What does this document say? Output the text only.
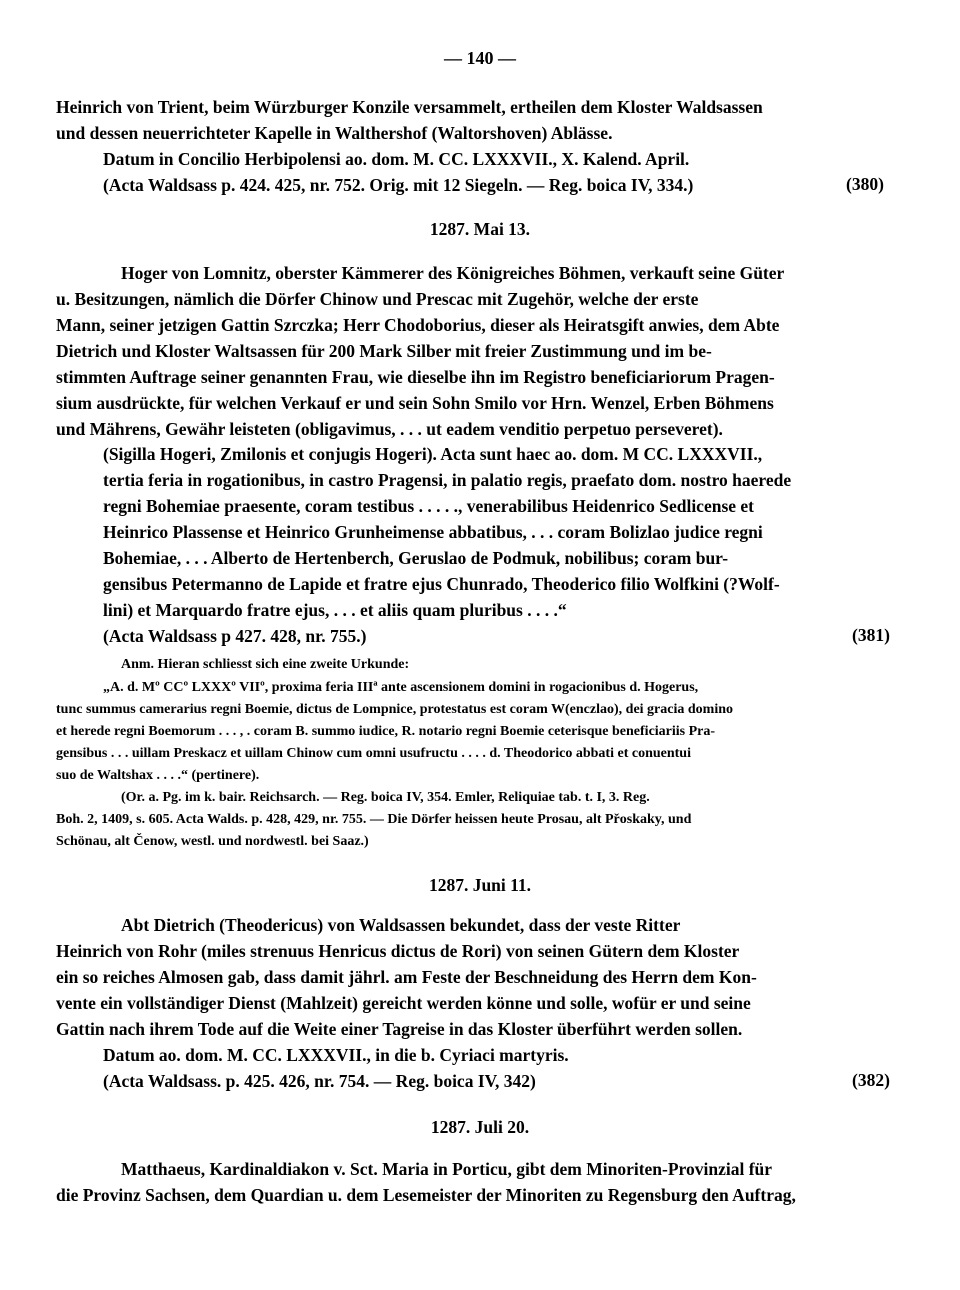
— 140 —
Heinrich von Trient, beim Würzburger Konzile versammelt, ertheilen dem Kloster Waldsassen
und dessen neuerrichteter Kapelle in Walthershof (Waltorshoven) Ablässe.
Datum in Concilio Herbipolensi ao. dom. M. CC. LXXXVII., X. Kalend. April.
(Acta Waldsass p. 424. 425, nr. 752. Orig. mit 12 Siegeln. — Reg. boica IV, 334.)	(380)
1287. Mai 13.
Hoger von Lomnitz, oberster Kämmerer des Königreiches Böhmen, verkauft seine Güter
u. Besitzungen, nämlich die Dörfer Chinow und Prescac mit Zugehör, welche der erste
Mann, seiner jetzigen Gattin Szrczka; Herr Chodoborius, dieser als Heiratsgift anwies, dem Abte
Dietrich und Kloster Waltsassen für 200 Mark Silber mit freier Zustimmung und im be-
stimmten Auftrage seiner genannten Frau, wie dieselbe ihn im Registro beneficiariorum Pragen-
sium ausdrückte, für welchen Verkauf er und sein Sohn Smilo vor Hrn. Wenzel, Erben Böhmens
und Mährens, Gewähr leisteten (obligavimus, . . . ut eadem venditio perpetuo perseveret).
(Sigilla Hogeri, Zmilonis et conjugis Hogeri). Acta sunt haec ao. dom. M CC. LXXXVII.,
tertia feria in rogationibus, in castro Pragensi, in palatio regis, praefato dom. nostro haerede
regni Bohemiae praesente, coram testibus . . . . ., venerabilibus Heidenrico Sedlicense et
Heinrico Plassense et Heinrico Grunheimense abbatibus, . . . coram Bolizlao judice regni
Bohemiae, . . . Alberto de Hertenberch, Geruslao de Podmuk, nobilibus; coram bur-
gensibus Petermanno de Lapide et fratre ejus Chunrado, Theoderico filio Wolfkini (?Wolf-
lini) et Marquardo fratre ejus, . . . et aliis quam pluribus . . . .“
(Acta Waldsass p 427. 428, nr. 755.)	(381)
Anm. Hieran schliesst sich eine zweite Urkunde:
„A. d. Mº CCº LXXXº VIIº, proxima feria IIIª ante ascensionem domini in rogacionibus d. Hogerus,
tunc summus camerarius regni Boemie, dictus de Lompnice, protestatus est coram W(enczlao), dei gracia domino
et herede regni Boemorum . . . , . coram B. summo iudice, R. notario regni Boemie ceterisque beneficiariis Pra-
gensibus . . . uillam Preskacz et uillam Chinow cum omni usufructu . . . . d. Theodorico abbati et conuentui
suo de Waltshax . . . .“ (pertinere).
(Or. a. Pg. im k. bair. Reichsarch. — Reg. boica IV, 354. Emler, Reliquiae tab. t. I, 3. Reg.
Boh. 2, 1409, s. 605. Acta Walds. p. 428, 429, nr. 755. — Die Dörfer heissen heute Prosau, alt Přoskaky, und
Schönau, alt Čenow, westl. und nordwestl. bei Saaz.)
1287. Juni 11.
Abt Dietrich (Theodericus) von Waldsassen bekundet, dass der veste Ritter
Heinrich von Rohr (miles strenuus Henricus dictus de Rori) von seinen Gütern dem Kloster
ein so reiches Almosen gab, dass damit jährl. am Feste der Beschneidung des Herrn dem Kon-
vente ein vollständiger Dienst (Mahlzeit) gereicht werden könne und solle, wofür er und seine
Gattin nach ihrem Tode auf die Weite einer Tagreise in das Kloster überführt werden sollen.
Datum ao. dom. M. CC. LXXXVII., in die b. Cyriaci martyris.
(Acta Waldsass. p. 425. 426, nr. 754. — Reg. boica IV, 342)	(382)
1287. Juli 20.
Matthaeus, Kardinaldiakon v. Sct. Maria in Porticu, gibt dem Minoriten-Provinzial für
die Provinz Sachsen, dem Quardian u. dem Lesemeister der Minoriten zu Regensburg den Auftrag,
